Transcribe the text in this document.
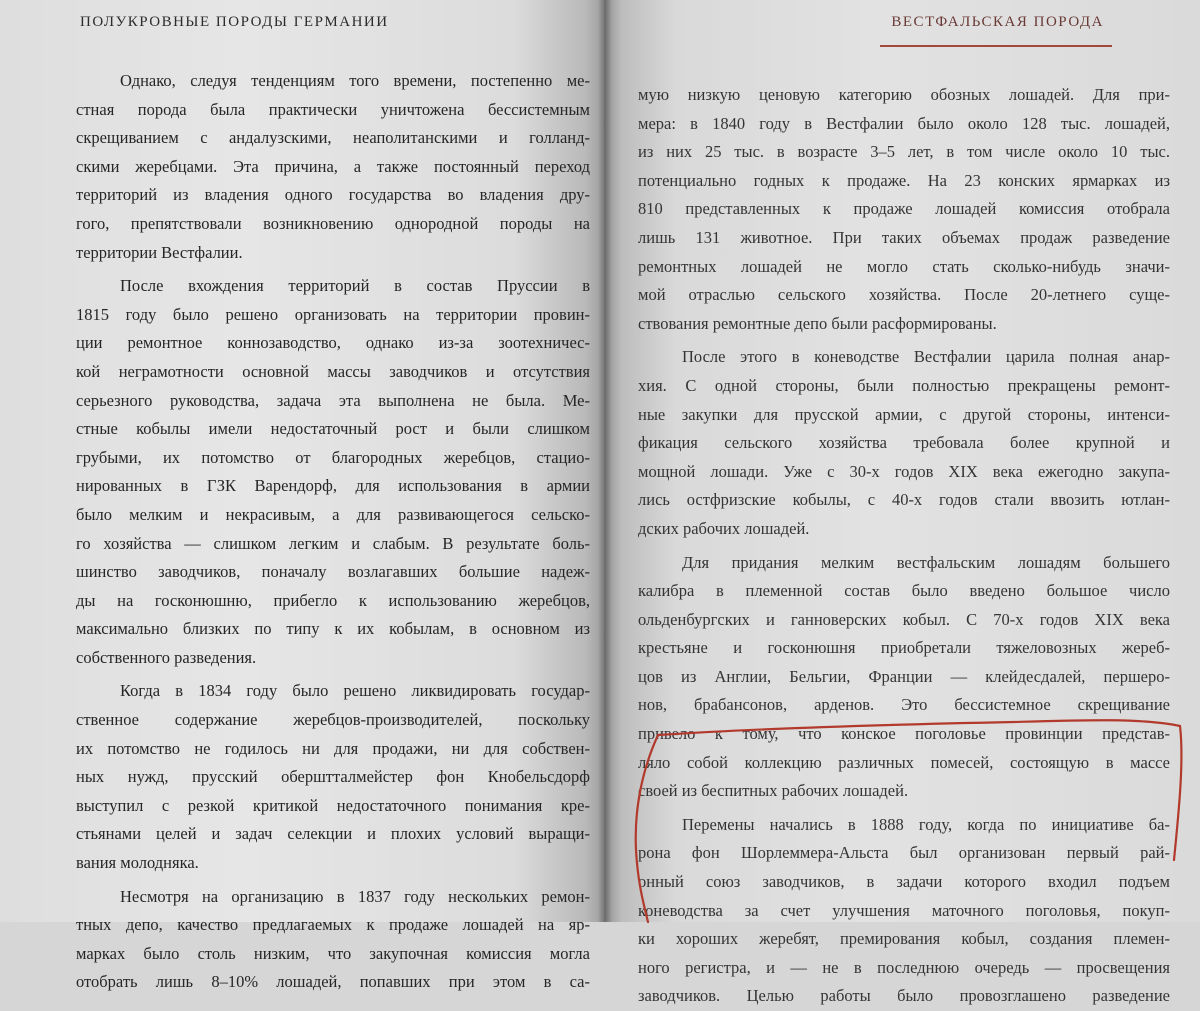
ПОЛУКРОВНЫЕ ПОРОДЫ ГЕРМАНИИ
Однако, следуя тенденциям того времени, постепенно ме-
стная порода была практически уничтожена бессистемным
скрещиванием с андалузскими, неаполитанскими и голланд-
скими жеребцами. Эта причина, а также постоянный переход
территорий из владения одного государства во владения дру-
гого, препятствовали возникновению однородной породы на
территории Вестфалии.
После вхождения территорий в состав Пруссии в
1815 году было решено организовать на территории провин-
ции ремонтное коннозаводство, однако из-за зоотехничес-
кой неграмотности основной массы заводчиков и отсутствия
серьезного руководства, задача эта выполнена не была. Ме-
стные кобылы имели недостаточный рост и были слишком
грубыми, их потомство от благородных жеребцов, стацио-
нированных в ГЗК Варендорф, для использования в армии
было мелким и некрасивым, а для развивающегося сельско-
го хозяйства — слишком легким и слабым. В результате боль-
шинство заводчиков, поначалу возлагавших большие надеж-
ды на госконюшню, прибегло к использованию жеребцов,
максимально близких по типу к их кобылам, в основном из
собственного разведения.
Когда в 1834 году было решено ликвидировать государ-
ственное содержание жеребцов-производителей, поскольку
их потомство не годилось ни для продажи, ни для собствен-
ных нужд, прусский оберштталмейстер фон Кнобельсдорф
выступил с резкой критикой недостаточного понимания кре-
стьянами целей и задач селекции и плохих условий выращи-
вания молодняка.
Несмотря на организацию в 1837 году нескольких ремон-
тных депо, качество предлагаемых к продаже лошадей на яр-
марках было столь низким, что закупочная комиссия могла
отобрать лишь 8–10% лошадей, попавших при этом в са-
ВЕСТФАЛЬСКАЯ ПОРОДА
мую низкую ценовую категорию обозных лошадей. Для при-
мера: в 1840 году в Вестфалии было около 128 тыс. лошадей,
из них 25 тыс. в возрасте 3–5 лет, в том числе около 10 тыс.
потенциально годных к продаже. На 23 конских ярмарках из
810 представленных к продаже лошадей комиссия отобрала
лишь 131 животное. При таких объемах продаж разведение
ремонтных лошадей не могло стать сколько-нибудь значи-
мой отраслью сельского хозяйства. После 20-летнего суще-
ствования ремонтные депо были расформированы.
После этого в коневодстве Вестфалии царила полная анар-
хия. С одной стороны, были полностью прекращены ремонт-
ные закупки для прусской армии, с другой стороны, интенси-
фикация сельского хозяйства требовала более крупной и
мощной лошади. Уже с 30-х годов XIX века ежегодно закупа-
лись остфризские кобылы, с 40-х годов стали ввозить ютлан-
дских рабочих лошадей.
Для придания мелким вестфальским лошадям большего
калибра в племенной состав было введено большое число
ольденбургских и ганноверских кобыл. С 70-х годов XIX века
крестьяне и госконюшня приобретали тяжеловозных жереб-
цов из Англии, Бельгии, Франции — клейдесдалей, першеро-
нов, брабансонов, арденов. Это бессистемное скрещивание
привело к тому, что конское поголовье провинции представ-
ляло собой коллекцию различных помесей, состоящую в массе
своей из беспитных рабочих лошадей.
Перемены начались в 1888 году, когда по инициативе ба-
рона фон Шорлеммера-Альста был организован первый рай-
онный союз заводчиков, в задачи которого входил подъем
коневодства за счет улучшения маточного поголовья, покуп-
ки хороших жеребят, премирования кобыл, создания племен-
ного регистра, и — не в последнюю очередь — просвещения
заводчиков. Целью работы было провозглашено разведение
